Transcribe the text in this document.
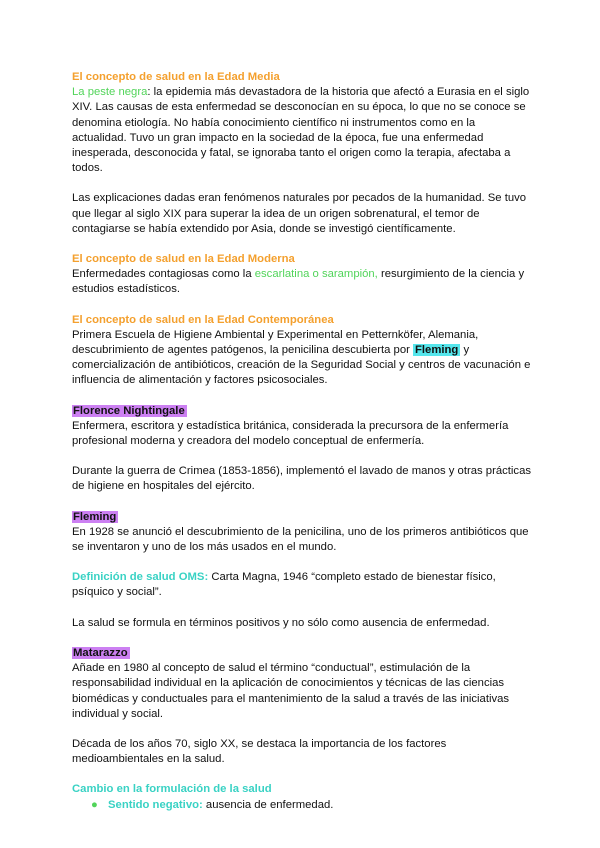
El concepto de salud en la Edad Media

La peste negra: la epidemia más devastadora de la historia que afectó a Eurasia en el siglo XIV. Las causas de esta enfermedad se desconocían en su época, lo que no se conoce se denomina etiología. No había conocimiento científico ni instrumentos como en la actualidad. Tuvo un gran impacto en la sociedad de la época, fue una enfermedad inesperada, desconocida y fatal, se ignoraba tanto el origen como la terapia, afectaba a todos.

Las explicaciones dadas eran fenómenos naturales por pecados de la humanidad. Se tuvo que llegar al siglo XIX para superar la idea de un origen sobrenatural, el temor de contagiarse se había extendido por Asia, donde se investigó científicamente.

El concepto de salud en la Edad Moderna

Enfermedades contagiosas como la escarlatina o sarampión, resurgimiento de la ciencia y estudios estadísticos.

El concepto de salud en la Edad Contemporánea

Primera Escuela de Higiene Ambiental y Experimental en Petternköfer, Alemania, descubrimiento de agentes patógenos, la penicilina descubierta por Fleming y comercialización de antibióticos, creación de la Seguridad Social y centros de vacunación e influencia de alimentación y factores psicosociales.

Florence Nightingale

Enfermera, escritora y estadística británica, considerada la precursora de la enfermería profesional moderna y creadora del modelo conceptual de enfermería.

Durante la guerra de Crimea (1853-1856), implementó el lavado de manos y otras prácticas de higiene en hospitales del ejército.

Fleming

En 1928 se anunció el descubrimiento de la penicilina, uno de los primeros antibióticos que se inventaron y uno de los más usados en el mundo.

Definición de salud OMS: Carta Magna, 1946 “completo estado de bienestar físico, psíquico y social”.

La salud se formula en términos positivos y no sólo como ausencia de enfermedad.

Matarazzo

Añade en 1980 al concepto de salud el término “conductual”, estimulación de la responsabilidad individual en la aplicación de conocimientos y técnicas de las ciencias biomédicas y conductuales para el mantenimiento de la salud a través de las iniciativas individual y social.

Década de los años 70, siglo XX, se destaca la importancia de los factores medioambientales en la salud.

Cambio en la formulación de la salud

● Sentido negativo: ausencia de enfermedad.
